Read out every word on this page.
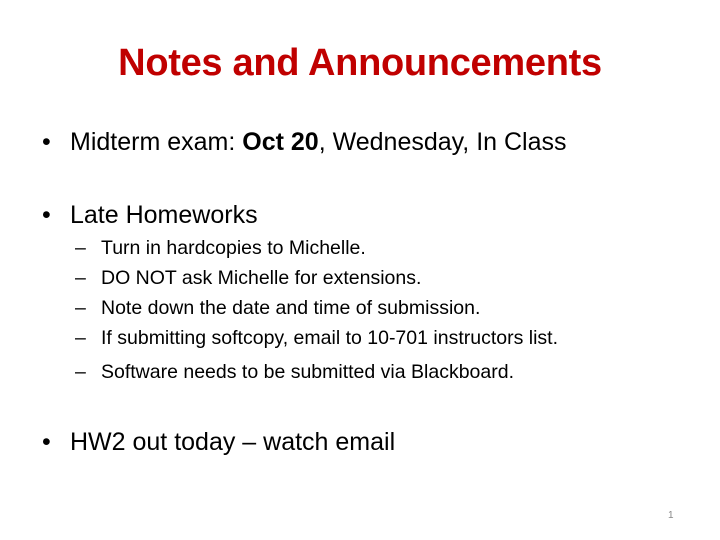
Notes and Announcements
• Midterm exam: Oct 20, Wednesday, In Class
• Late Homeworks
– Turn in hardcopies to Michelle.
– DO NOT ask Michelle for extensions.
– Note down the date and time of submission.
– If submitting softcopy, email to 10-701 instructors list.
– Software needs to be submitted via Blackboard.
• HW2 out today – watch email
1
